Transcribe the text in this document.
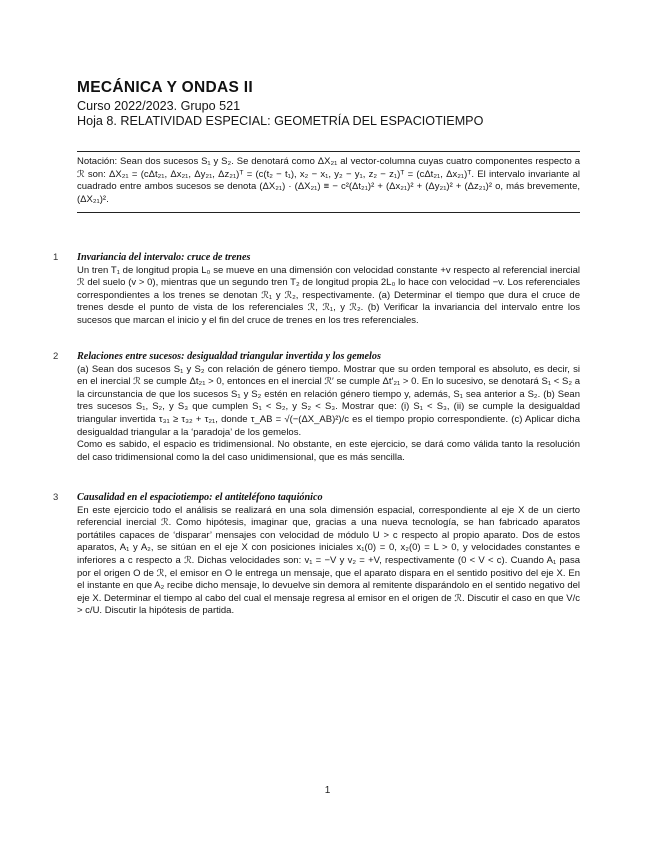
MECÁNICA Y ONDAS II
Curso 2022/2023. Grupo 521
Hoja 8. RELATIVIDAD ESPECIAL: GEOMETRÍA DEL ESPACIOTIEMPO

Notación: Sean dos sucesos S₁ y S₂. Se denotará como ΔX₂₁ al vector-columna cuyas cuatro componentes respecto a ℛ son: ΔX₂₁ = (cΔt₂₁, Δx₂₁, Δy₂₁, Δz₂₁)ᵀ = (c(t₂ − t₁), x₂ − x₁, y₂ − y₁, z₂ − z₁)ᵀ = (cΔt₂₁, Δx₂₁)ᵀ. El intervalo invariante al cuadrado entre ambos sucesos se denota (ΔX₂₁) · (ΔX₂₁) ≡ − c²(Δt₂₁)² + (Δx₂₁)² + (Δy₂₁)² + (Δz₂₁)² o, más brevemente, (ΔX₂₁)².

1 Invariancia del intervalo: cruce de trenes

Un tren T₁ de longitud propia L₀ se mueve en una dimensión con velocidad constante +v respecto al referencial inercial ℛ del suelo (v > 0), mientras que un segundo tren T₂ de longitud propia 2L₀ lo hace con velocidad −v. Los referenciales correspondientes a los trenes se denotan ℛ₁ y ℛ₂, respectivamente. (a) Determinar el tiempo que dura el cruce de trenes desde el punto de vista de los referenciales ℛ, ℛ₁, y ℛ₂. (b) Verificar la invariancia del intervalo entre los sucesos que marcan el inicio y el fin del cruce de trenes en los tres referenciales.

2 Relaciones entre sucesos: desigualdad triangular invertida y los gemelos

(a) Sean dos sucesos S₁ y S₂ con relación de género tiempo. Mostrar que su orden temporal es absoluto, es decir, si en el inercial ℛ se cumple Δt₂₁ > 0, entonces en el inercial ℛ′ se cumple Δt′₂₁ > 0. En lo sucesivo, se denotará S₁ < S₂ a la circunstancia de que los sucesos S₁ y S₂ estén en relación género tiempo y, además, S₁ sea anterior a S₂. (b) Sean tres sucesos S₁, S₂, y S₃ que cumplen S₁ < S₂, y S₂ < S₃. Mostrar que: (i) S₁ < S₃, (ii) se cumple la desigualdad triangular invertida τ₃₁ ≥ τ₃₂ + τ₂₁, donde τ_AB = √(−(ΔX_AB)²)/c es el tiempo propio correspondiente. (c) Aplicar dicha desigualdad triangular a la ‘paradoja’ de los gemelos.

Como es sabido, el espacio es tridimensional. No obstante, en este ejercicio, se dará como válida tanto la resolución del caso tridimensional como la del caso unidimensional, que es más sencilla.

3 Causalidad en el espaciotiempo: el antiteléfono taquiónico

En este ejercicio todo el análisis se realizará en una sola dimensión espacial, correspondiente al eje X de un cierto referencial inercial ℛ. Como hipótesis, imaginar que, gracias a una nueva tecnología, se han fabricado aparatos portátiles capaces de ‘disparar’ mensajes con velocidad de módulo U > c respecto al propio aparato. Dos de estos aparatos, A₁ y A₂, se sitúan en el eje X con posiciones iniciales x₁(0) = 0, x₂(0) = L > 0, y velocidades constantes e inferiores a c respecto a ℛ. Dichas velocidades son: v₁ = −V y v₂ = +V, respectivamente (0 < V < c). Cuando A₁ pasa por el origen O de ℛ, el emisor en O le entrega un mensaje, que el aparato dispara en el sentido positivo del eje X. En el instante en que A₂ recibe dicho mensaje, lo devuelve sin demora al remitente disparándolo en el sentido negativo del eje X. Determinar el tiempo al cabo del cual el mensaje regresa al emisor en el origen de ℛ. Discutir el caso en que V/c > c/U. Discutir la hipótesis de partida.

1
